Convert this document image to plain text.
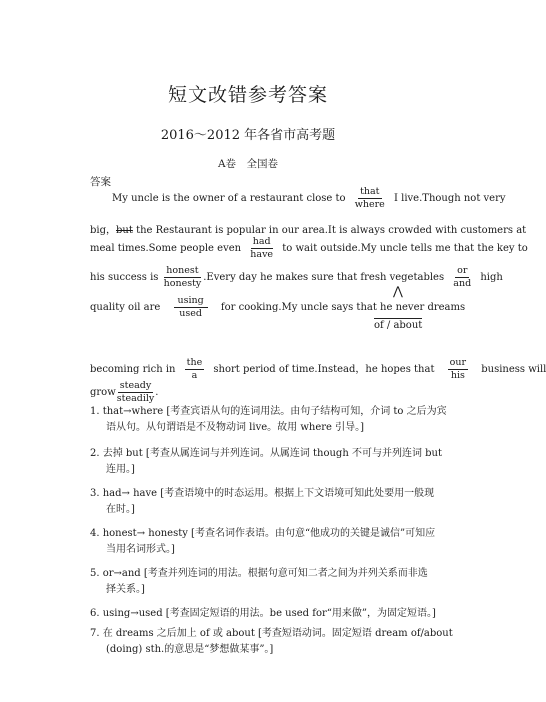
短文改错参考答案
2016～2012 年各省市高考题
A卷　全国卷
答案
My uncle is the owner of a restaurant close to
that
where
I live.Though not very
big，but the Restaurant is popular in our area.It is always crowded with customers at
meal times.Some people even
had
have
to wait outside.My uncle tells me that the key to
his success is
honest
honesty
.Every day he makes sure that fresh vegetables
or
and
high
quality oil are
using
used
for cooking.My uncle says that he never dreams
⋀
of / about
becoming rich in
the
a
short period of time.Instead，he hopes that
our
his
business will
grow
steady
steadily
.
1. that→where [考查宾语从句的连词用法。由句子结构可知，介词 to 之后为宾
语从句。从句谓语是不及物动词 live。故用 where 引导。]
2. 去掉 but [考查从属连词与并列连词。从属连词 though 不可与并列连词 but
连用。]
3. had→ have [考查语境中的时态运用。根据上下文语境可知此处要用一般现
在时。]
4. honest→ honesty [考查名词作表语。由句意“他成功的关键是诚信”可知应
当用名词形式。]
5. or→and [考查并列连词的用法。根据句意可知二者之间为并列关系而非选
择关系。]
6. using→used [考查固定短语的用法。be used for“用来做”，为固定短语。]
7. 在 dreams 之后加上 of 或 about [考查短语动词。固定短语 dream of/about
(doing) sth.的意思是“梦想做某事”。]
